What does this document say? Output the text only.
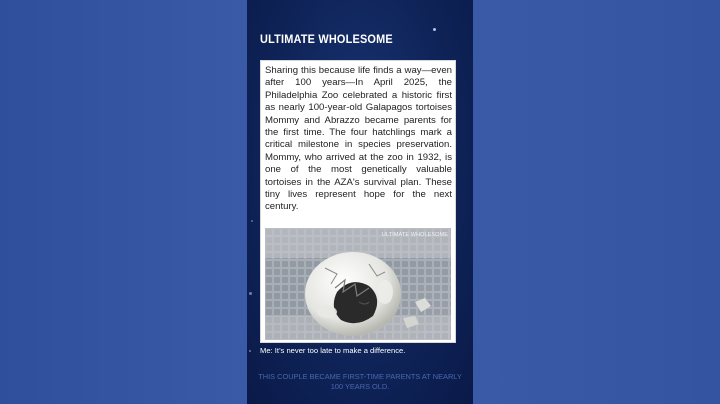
ULTIMATE WHOLESOME

Sharing this because life finds a way—even after 100 years—In April 2025, the Philadelphia Zoo celebrated a historic first as nearly 100-year-old Galapagos tortoises Mommy and Abrazzo became parents for the first time. The four hatchlings mark a critical milestone in species preservation. Mommy, who arrived at the zoo in 1932, is one of the most genetically valuable tortoises in the AZA's survival plan. These tiny lives represent hope for the next century.

ULTIMATE WHOLESOME
Me: It’s never too late to make a difference.
THIS COUPLE BECAME FIRST-TIME PARENTS AT NEARLY 100 YEARS OLD.
